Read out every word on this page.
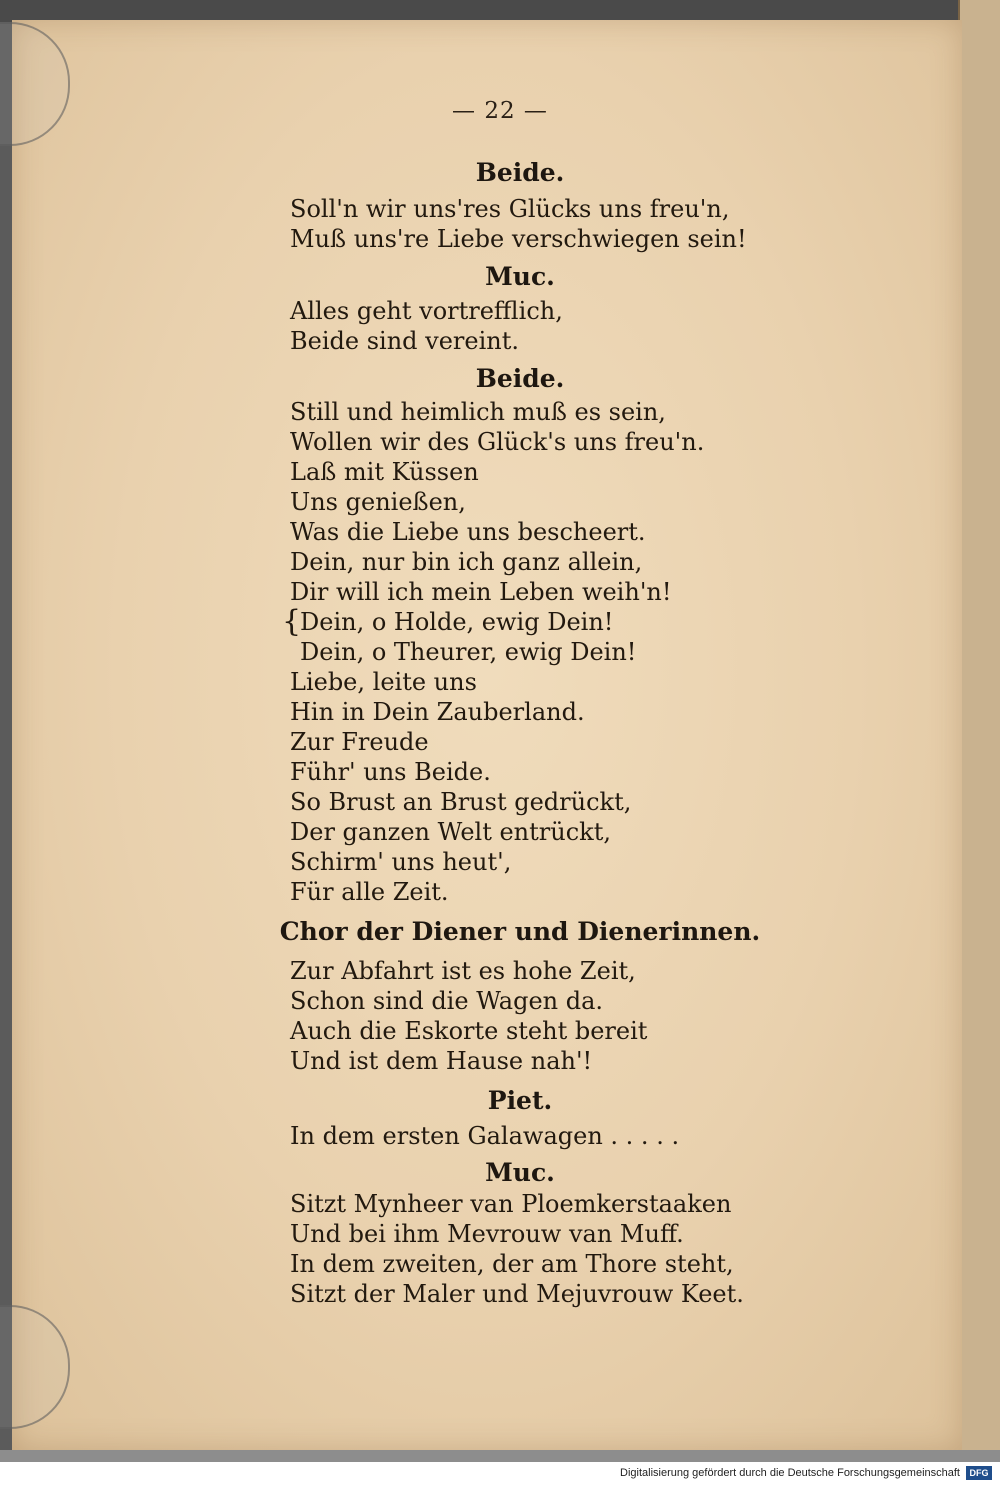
— 22 —
Beide.
Soll'n wir uns'res Glücks uns freu'n,
Muß uns're Liebe verschwiegen sein!
Muc.
Alles geht vortrefflich,
Beide sind vereint.
Beide.
Still und heimlich muß es sein,
Wollen wir des Glück's uns freu'n.
Laß mit Küssen
Uns genießen,
Was die Liebe uns bescheert.
Dein, nur bin ich ganz allein,
Dir will ich mein Leben weih'n!
{
Dein, o Holde, ewig Dein!
Dein, o Theurer, ewig Dein!
Liebe, leite uns
Hin in Dein Zauberland.
Zur Freude
Führ' uns Beide.
So Brust an Brust gedrückt,
Der ganzen Welt entrückt,
Schirm' uns heut',
Für alle Zeit.
Chor der Diener und Dienerinnen.
Zur Abfahrt ist es hohe Zeit,
Schon sind die Wagen da.
Auch die Eskorte steht bereit
Und ist dem Hause nah'!
Piet.
In dem ersten Galawagen . . . . .
Muc.
Sitzt Mynheer van Ploemkerstaaken
Und bei ihm Mevrouw van Muff.
In dem zweiten, der am Thore steht,
Sitzt der Maler und Mejuvrouw Keet.
Digitalisierung gefördert durch die Deutsche Forschungsgemeinschaft	DFG
